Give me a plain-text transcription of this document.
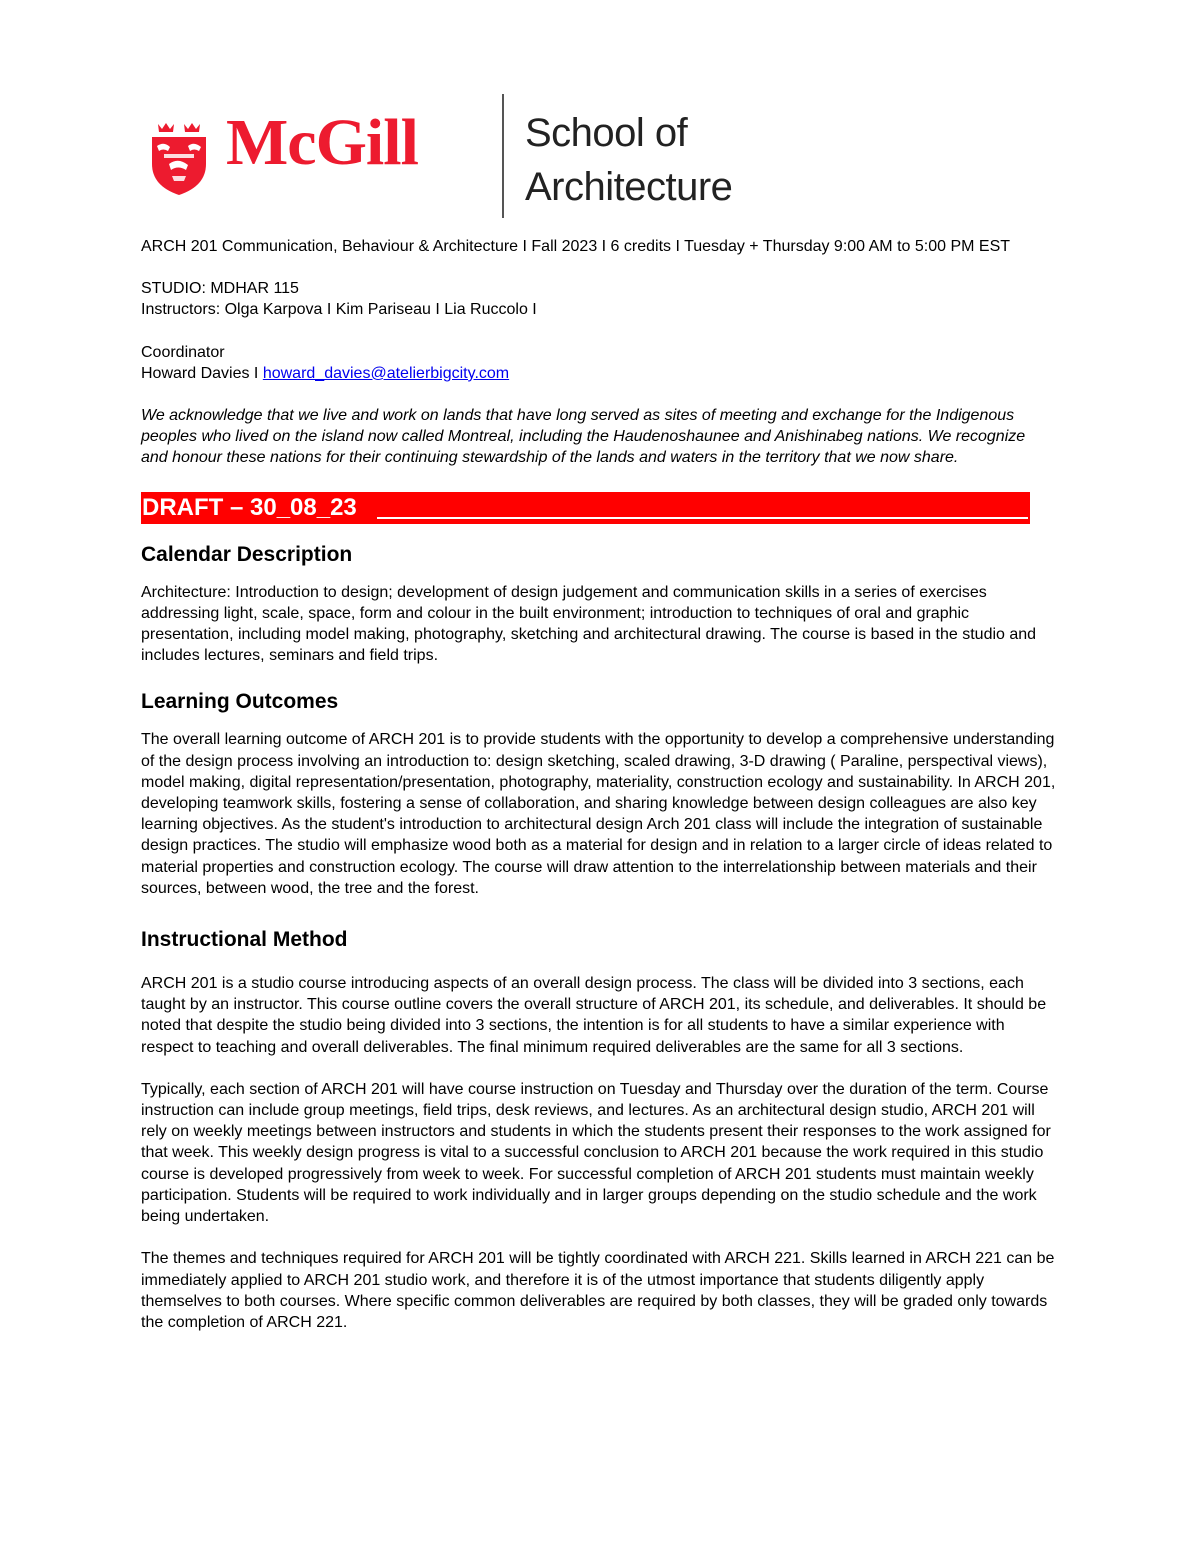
McGill	School of
Architecture

ARCH 201 Communication, Behaviour & Architecture I Fall 2023 I 6 credits I Tuesday + Thursday 9:00 AM to 5:00 PM EST

STUDIO: MDHAR 115

Instructors: Olga Karpova I Kim Pariseau I Lia Ruccolo I

Coordinator

Howard Davies I howard_davies@atelierbigcity.com

We acknowledge that we live and work on lands that have long served as sites of meeting and exchange for the Indigenous peoples who lived on the island now called Montreal, including the Haudenoshaunee and Anishinabeg nations. We recognize and honour these nations for their continuing stewardship of the lands and waters in the territory that we now share.

DRAFT – 30_08_23
Calendar Description

Architecture: Introduction to design; development of design judgement and communication skills in a series of exercises addressing light, scale, space, form and colour in the built environment; introduction to techniques of oral and graphic presentation, including model making, photography, sketching and architectural drawing. The course is based in the studio and includes lectures, seminars and field trips.

Learning Outcomes

The overall learning outcome of ARCH 201 is to provide students with the opportunity to develop a comprehensive understanding of the design process involving an introduction to: design sketching, scaled drawing, 3-D drawing ( Paraline, perspectival views), model making, digital representation/presentation, photography, materiality, construction ecology and sustainability. In ARCH 201, developing teamwork skills, fostering a sense of collaboration, and sharing knowledge between design colleagues are also key learning objectives. As the student's introduction to architectural design Arch 201 class will include the integration of sustainable design practices. The studio will emphasize wood both as a material for design and in relation to a larger circle of ideas related to material properties and construction ecology. The course will draw attention to the interrelationship between materials and their sources, between wood, the tree and the forest.

Instructional Method

ARCH 201 is a studio course introducing aspects of an overall design process. The class will be divided into 3 sections, each taught by an instructor. This course outline covers the overall structure of ARCH 201, its schedule, and deliverables. It should be noted that despite the studio being divided into 3 sections, the intention is for all students to have a similar experience with respect to teaching and overall deliverables. The final minimum required deliverables are the same for all 3 sections.

Typically, each section of ARCH 201 will have course instruction on Tuesday and Thursday over the duration of the term. Course instruction can include group meetings, field trips, desk reviews, and lectures. As an architectural design studio, ARCH 201 will rely on weekly meetings between instructors and students in which the students present their responses to the work assigned for that week. This weekly design progress is vital to a successful conclusion to ARCH 201 because the work required in this studio course is developed progressively from week to week. For successful completion of ARCH 201 students must maintain weekly participation. Students will be required to work individually and in larger groups depending on the studio schedule and the work being undertaken.

The themes and techniques required for ARCH 201 will be tightly coordinated with ARCH 221. Skills learned in ARCH 221 can be immediately applied to ARCH 201 studio work, and therefore it is of the utmost importance that students diligently apply themselves to both courses. Where specific common deliverables are required by both classes, they will be graded only towards the completion of ARCH 221.
